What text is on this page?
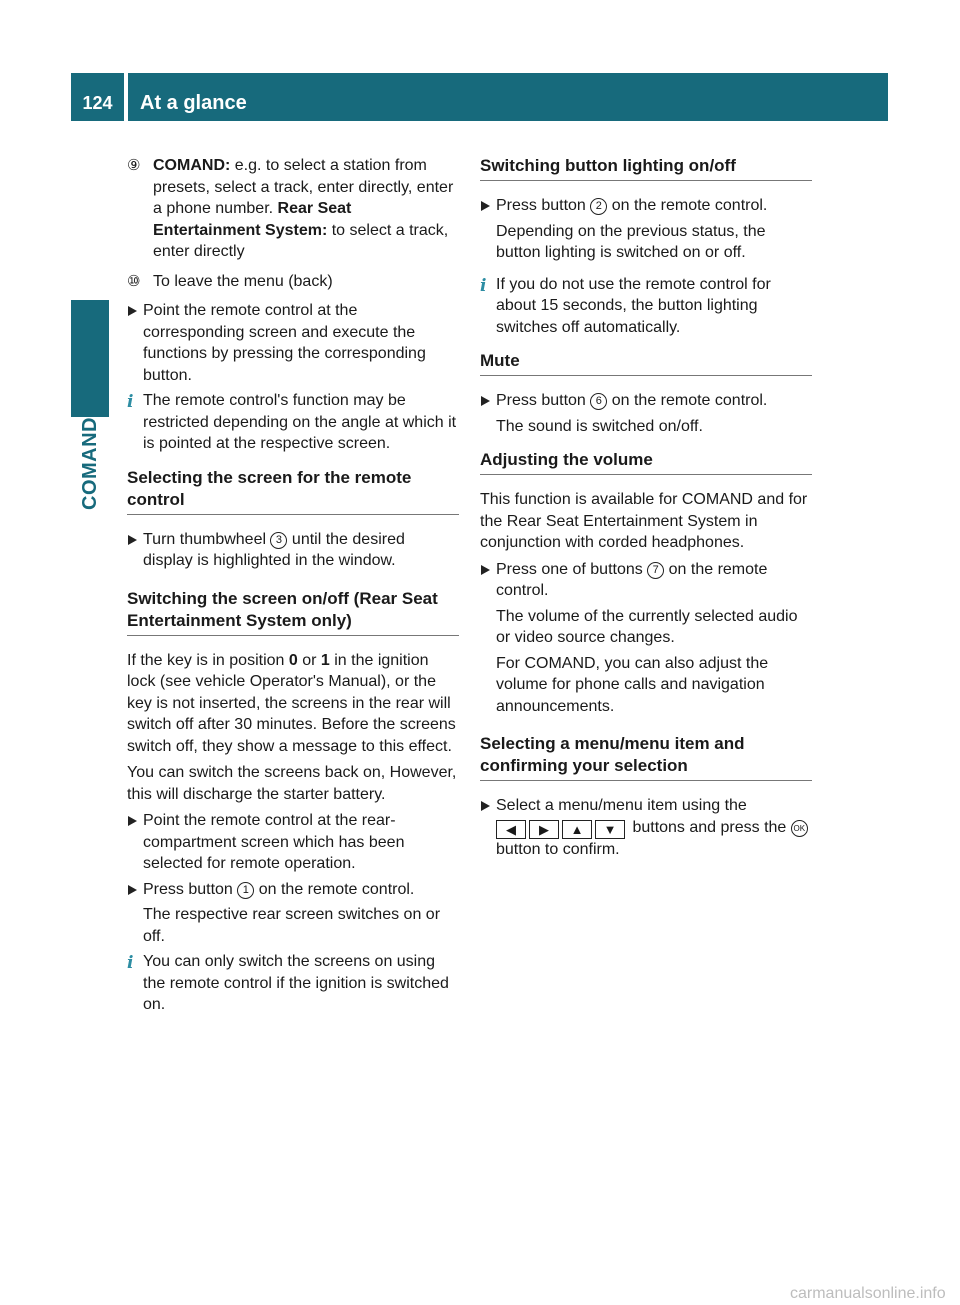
124	At a glance
COMAND
⑨ COMAND: e.g. to select a station from presets, select a track, enter directly, enter a phone number. Rear Seat Entertainment System: to select a track, enter directly
⑩ To leave the menu (back)
Point the remote control at the corresponding screen and execute the functions by pressing the corresponding button.
i The remote control's function may be restricted depending on the angle at which it is pointed at the respective screen.
Selecting the screen for the remote control
Turn thumbwheel 3 until the desired display is highlighted in the window.
Switching the screen on/off (Rear Seat Entertainment System only)

If the key is in position 0 or 1 in the ignition lock (see vehicle Operator's Manual), or the key is not inserted, the screens in the rear will switch off after 30 minutes. Before the screens switch off, they show a message to this effect.

You can switch the screens back on, However, this will discharge the starter battery.

Point the remote control at the rear-compartment screen which has been selected for remote operation.
Press button 1 on the remote control.

The respective rear screen switches on or off.

i You can only switch the screens on using the remote control if the ignition is switched on.
Switching button lighting on/off
Press button 2 on the remote control.

Depending on the previous status, the button lighting is switched on or off.

i If you do not use the remote control for about 15 seconds, the button lighting switches off automatically.
Mute
Press button 6 on the remote control.

The sound is switched on/off.

Adjusting the volume

This function is available for COMAND and for the Rear Seat Entertainment System in conjunction with corded headphones.

Press one of buttons 7 on the remote control.

The volume of the currently selected audio or video source changes.

For COMAND, you can also adjust the volume for phone calls and navigation announcements.

Selecting a menu/menu item and confirming your selection
Select a menu/menu item using the
◀ ▶ ▲ ▼ buttons and press the OK button to confirm.
carmanualsonline.info
